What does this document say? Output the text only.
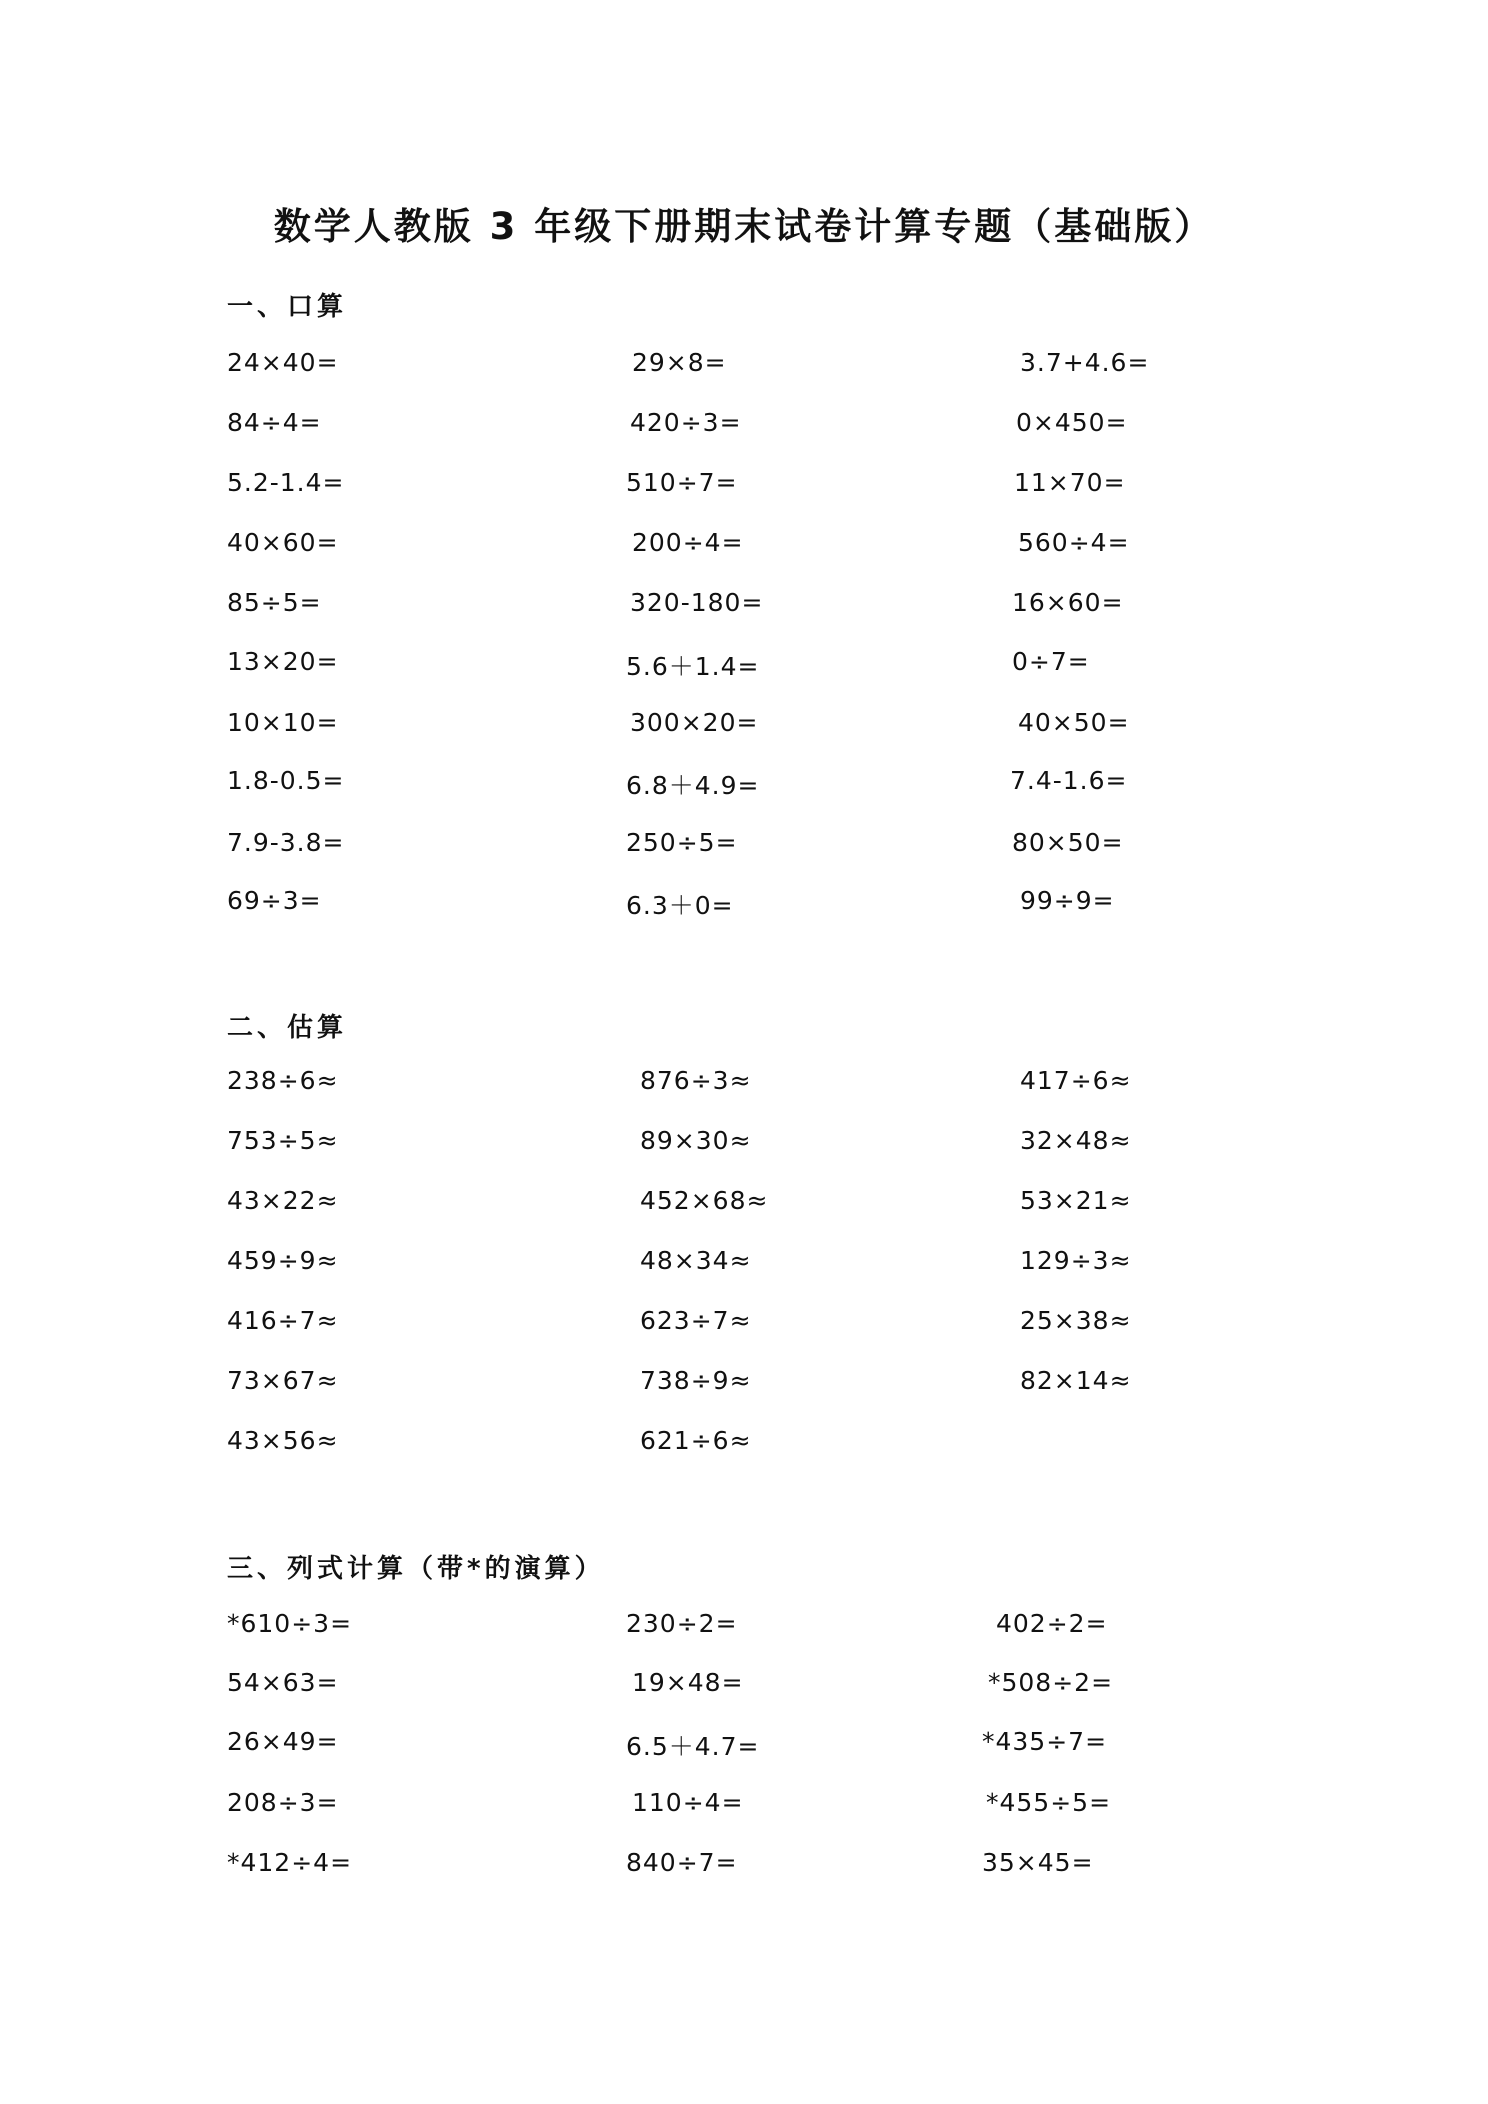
数学人教版 3 年级下册期末试卷计算专题（基础版）
一、口算
24×40=	29×8=	3.7+4.6=
84÷4=	420÷3=	0×450=
5.2-1.4=	510÷7=	11×70=
40×60=	200÷4=	560÷4=
85÷5=	320-180=	16×60=
13×20=	5.6＋1.4=	0÷7=
10×10=	300×20=	40×50=
1.8-0.5=	6.8＋4.9=	7.4-1.6=
7.9-3.8=	250÷5=	80×50=
69÷3=	6.3＋0=	99÷9=
二、估算
238÷6≈	876÷3≈	417÷6≈
753÷5≈	89×30≈	32×48≈
43×22≈	452×68≈	53×21≈
459÷9≈	48×34≈	129÷3≈
416÷7≈	623÷7≈	25×38≈
73×67≈	738÷9≈	82×14≈
43×56≈	621÷6≈
三、列式计算（带*的演算）
*610÷3=	230÷2=	402÷2=
54×63=	19×48=	*508÷2=
26×49=	6.5＋4.7=	*435÷7=
208÷3=	110÷4=	*455÷5=
*412÷4=	840÷7=	35×45=
